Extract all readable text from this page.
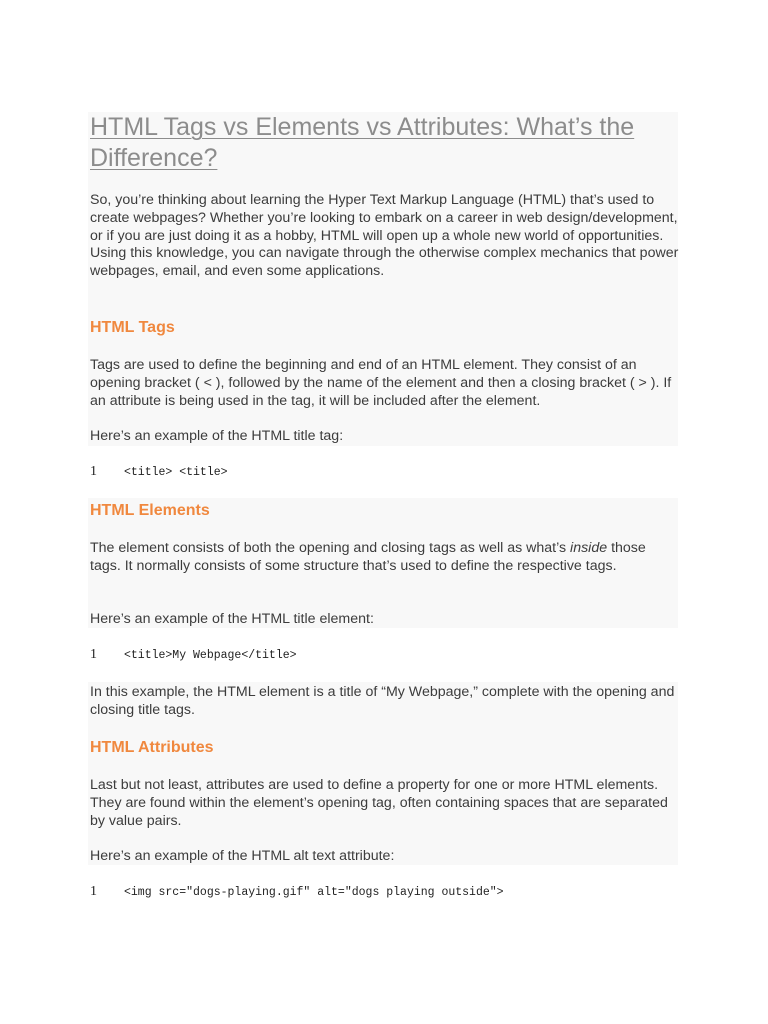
HTML Tags vs Elements vs Attributes: What’s the Difference?

So, you’re thinking about learning the Hyper Text Markup Language (HTML) that’s used to create webpages? Whether you’re looking to embark on a career in web design/development, or if you are just doing it as a hobby, HTML will open up a whole new world of opportunities. Using this knowledge, you can navigate through the otherwise complex mechanics that power webpages, email, and even some applications.

HTML Tags

Tags are used to define the beginning and end of an HTML element. They consist of an opening bracket ( < ), followed by the name of the element and then a closing bracket ( > ). If an attribute is being used in the tag, it will be included after the element.

Here’s an example of the HTML title tag:

1	<title> <title>
HTML Elements

The element consists of both the opening and closing tags as well as what’s inside those tags. It normally consists of some structure that’s used to define the respective tags.

Here’s an example of the HTML title element:

1	<title>My Webpage</title>

In this example, the HTML element is a title of “My Webpage,” complete with the opening and closing title tags.

HTML Attributes

Last but not least, attributes are used to define a property for one or more HTML elements. They are found within the element’s opening tag, often containing spaces that are separated by value pairs.

Here’s an example of the HTML alt text attribute:

1	<img src="dogs-playing.gif" alt="dogs playing outside">
